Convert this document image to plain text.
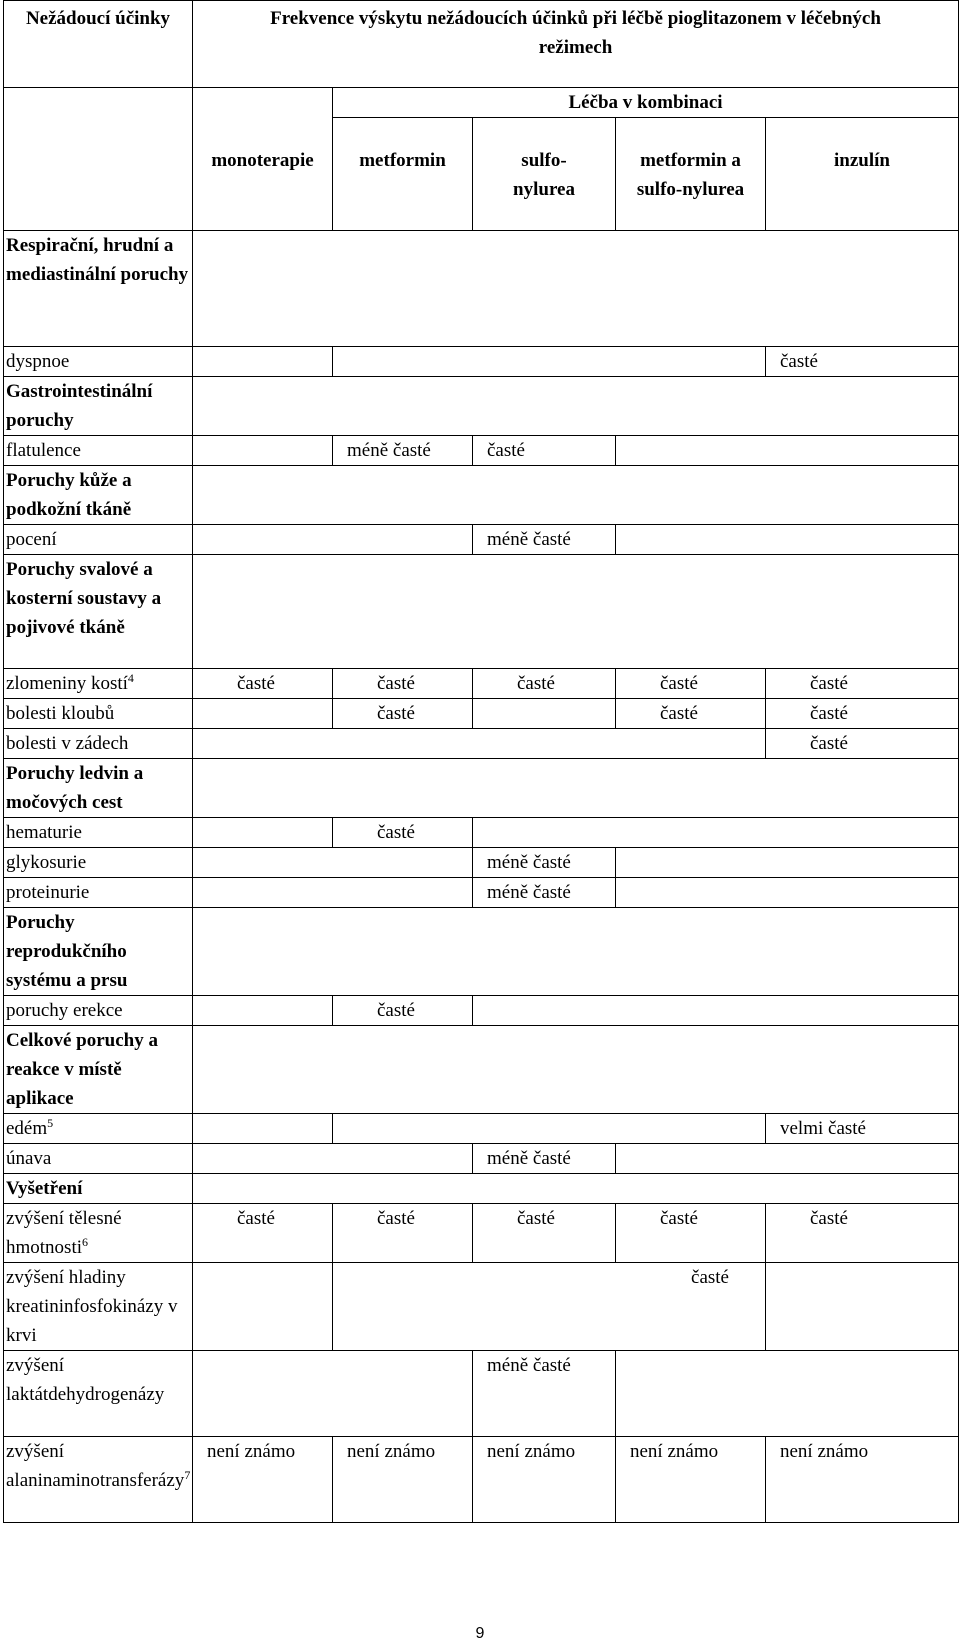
Nežádoucí účinky	Frekvence výskytu nežádoucích účinků při léčbě pioglitazonem v léčebných režimech				
		Léčba v kombinaci			
	monoterapie	metformin	sulfo-nylurea	metformin a sulfo-nylurea	inzulín
Respirační, hrudní a mediastinální poruchy					
dyspnoe					časté
Gastrointestinální poruchy					
flatulence		méně časté	časté		
Poruchy kůže a podkožní tkáně					
pocení			méně časté		
Poruchy svalové a kosterní soustavy a pojivové tkáně					
zlomeniny kostí$^4$	časté	časté	časté	časté	časté
bolesti kloubů		časté		časté	časté
bolesti v zádech					časté
Poruchy ledvin a močových cest					
hematurie		časté			
glykosurie			méně časté		
proteinurie			méně časté		
Poruchy reprodukčního systému a prsu					
poruchy erekce		časté			
Celkové poruchy a reakce v místě aplikace					
edém$^5$					velmi časté
únava			méně časté		
Vyšetření					
zvýšení tělesné hmotnosti$^6$	časté	časté	časté	časté	časté
zvýšení hladiny kreatininfosfokinázy v krvi		časté			
zvýšení laktátdehydrogenázy			méně časté		
zvýšení alaninaminotransferázy$^7$	není známo	není známo	není známo	není známo	není známo
9
